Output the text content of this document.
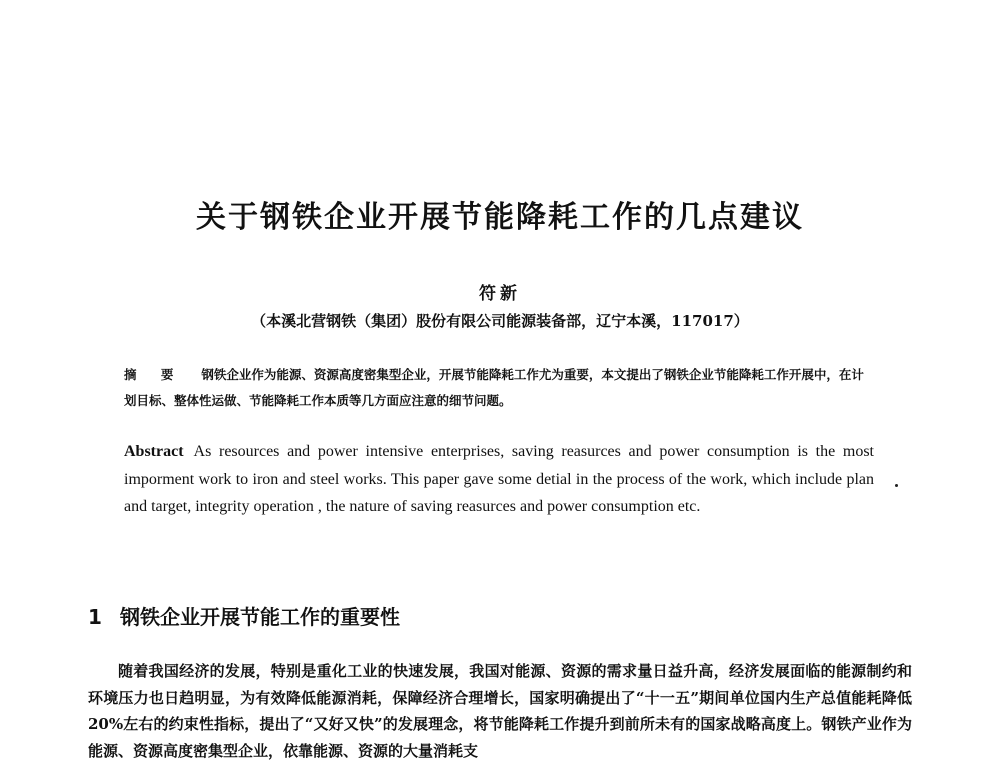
关于钢铁企业开展节能降耗工作的几点建议
符新
（本溪北营钢铁（集团）股份有限公司能源装备部，辽宁本溪，117017）
摘 要 钢铁企业作为能源、资源高度密集型企业，开展节能降耗工作尤为重要，本文提出了钢铁企业节能降耗工作开展中，在计划目标、整体性运做、节能降耗工作本质等几方面应注意的细节问题。
Abstract As resources and power intensive enterprises, saving reasurces and power consumption is the most imporment work to iron and steel works. This paper gave some detial in the process of the work, which include plan and target, integrity operation , the nature of saving reasurces and power consumption etc.
1 钢铁企业开展节能工作的重要性

随着我国经济的发展，特别是重化工业的快速发展，我国对能源、资源的需求量日益升高，经济发展面临的能源制约和环境压力也日趋明显，为有效降低能源消耗，保障经济合理增长，国家明确提出了“十一五”期间单位国内生产总值能耗降低20%左右的约束性指标，提出了“又好又快”的发展理念，将节能降耗工作提升到前所未有的国家战略高度上。钢铁产业作为能源、资源高度密集型企业，依靠能源、资源的大量消耗支
